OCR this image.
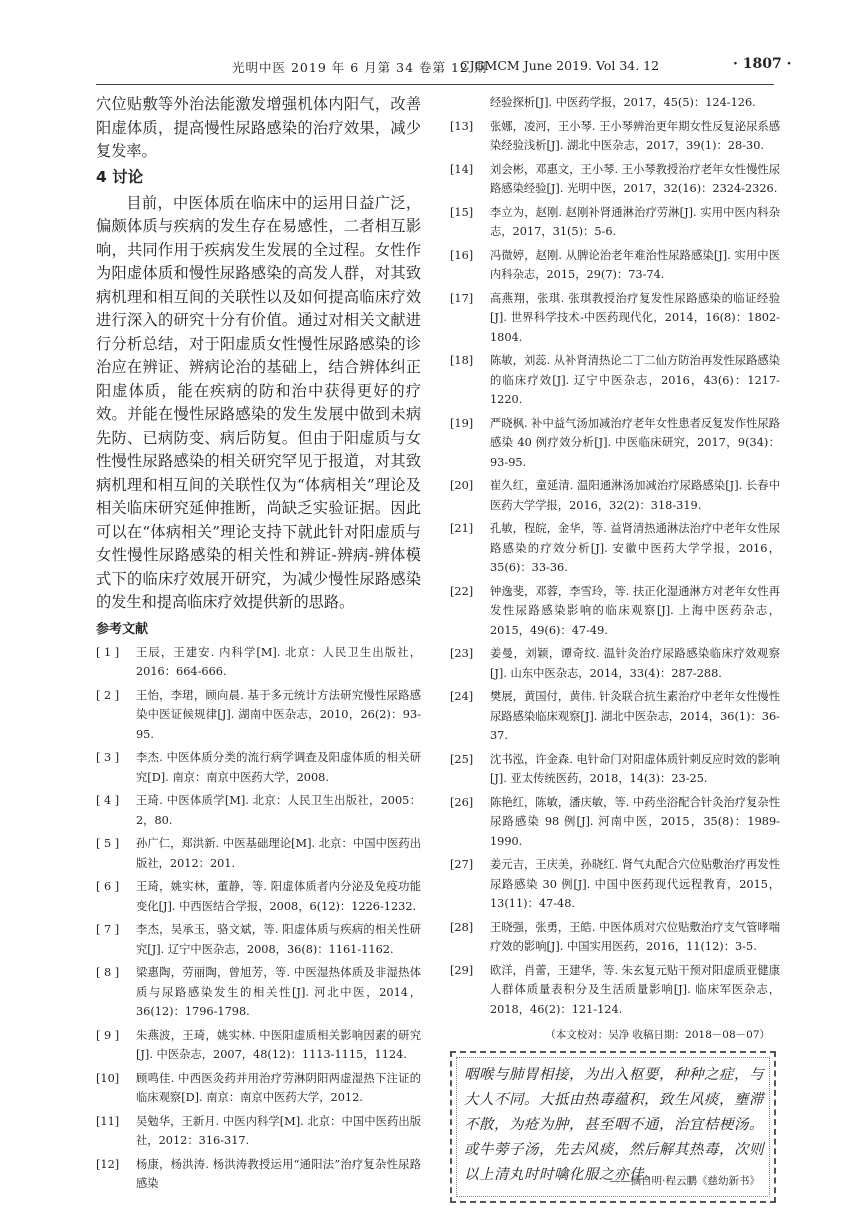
光明中医 2019 年 6 月第 34 卷第 12 期
CJGMCM June 2019. Vol 34. 12	· 1807 ·

穴位贴敷等外治法能激发增强机体内阳气，改善阳虚体质，提高慢性尿路感染的治疗效果，减少复发率。

4 讨论

目前，中医体质在临床中的运用日益广泛，偏颇体质与疾病的发生存在易感性，二者相互影响，共同作用于疾病发生发展的全过程。女性作为阳虚体质和慢性尿路感染的高发人群，对其致病机理和相互间的关联性以及如何提高临床疗效进行深入的研究十分有价值。通过对相关文献进行分析总结，对于阳虚质女性慢性尿路感染的诊治应在辨证、辨病论治的基础上，结合辨体纠正阳虚体质，能在疾病的防和治中获得更好的疗效。并能在慢性尿路感染的发生发展中做到未病先防、已病防变、病后防复。但由于阳虚质与女性慢性尿路感染的相关研究罕见于报道，对其致病机理和相互间的关联性仅为“体病相关”理论及相关临床研究延伸推断，尚缺乏实验证据。因此可以在“体病相关”理论支持下就此针对阳虚质与女性慢性尿路感染的相关性和辨证-辨病-辨体模式下的临床疗效展开研究，为减少慢性尿路感染的发生和提高临床疗效提供新的思路。

参考文献
[ 1 ]	王辰，王建安. 内科学[M]. 北京：人民卫生出版社，2016：664-666.
[ 2 ]	王怡，李珺，顾向晨. 基于多元统计方法研究慢性尿路感染中医证候规律[J]. 湖南中医杂志，2010，26(2)：93-95.
[ 3 ]	李杰. 中医体质分类的流行病学调查及阳虚体质的相关研究[D]. 南京：南京中医药大学，2008.
[ 4 ]	王琦. 中医体质学[M]. 北京：人民卫生出版社，2005：2，80.
[ 5 ]	孙广仁，郑洪新. 中医基础理论[M]. 北京：中国中医药出版社，2012：201.
[ 6 ]	王琦，姚实林，董静，等. 阳虚体质者内分泌及免疫功能变化[J]. 中西医结合学报，2008，6(12)：1226-1232.
[ 7 ]	李杰，吴承玉，骆文斌，等. 阳虚体质与疾病的相关性研究[J]. 辽宁中医杂志，2008，36(8)：1161-1162.
[ 8 ]	梁惠陶，劳丽陶，曾旭芳，等. 中医湿热体质及非湿热体质与尿路感染发生的相关性[J]. 河北中医，2014，36(12)：1796-1798.
[ 9 ]	朱燕波，王琦，姚实林. 中医阳虚质相关影响因素的研究[J]. 中医杂志，2007，48(12)：1113-1115，1124.
[10]	顾鸣佳. 中西医灸药并用治疗劳淋阴阳两虚湿热下注证的临床观察[D]. 南京：南京中医药大学，2012.
[11]	吴勉华，王新月. 中医内科学[M]. 北京：中国中医药出版社，2012：316-317.
[12]	杨康，杨洪涛. 杨洪涛教授运用“通阳法”治疗复杂性尿路感染
经验探析[J]. 中医药学报，2017，45(5)：124-126.
[13]	张娜，凌河，王小琴. 王小琴辨治更年期女性反复泌尿系感染经验浅析[J]. 湖北中医杂志，2017，39(1)：28-30.
[14]	刘会彬，邓惠文，王小琴. 王小琴教授治疗老年女性慢性尿路感染经验[J]. 光明中医，2017，32(16)：2324-2326.
[15]	李立为，赵刚. 赵刚补肾通淋治疗劳淋[J]. 实用中医内科杂志，2017，31(5)：5-6.
[16]	冯微婷，赵刚. 从脾论治老年难治性尿路感染[J]. 实用中医内科杂志，2015，29(7)：73-74.
[17]	高燕翔，张琪. 张琪教授治疗复发性尿路感染的临证经验[J]. 世界科学技术-中医药现代化，2014，16(8)：1802-1804.
[18]	陈敏，刘蕊. 从补肾清热论二丁二仙方防治再发性尿路感染的临床疗效[J]. 辽宁中医杂志，2016，43(6)：1217-1220.
[19]	严晓枫. 补中益气汤加减治疗老年女性患者反复发作性尿路感染 40 例疗效分析[J]. 中医临床研究，2017，9(34)：93-95.
[20]	崔久红，童延清. 温阳通淋汤加减治疗尿路感染[J]. 长春中医药大学学报，2016，32(2)：318-319.
[21]	孔敏，程皖，金华，等. 益肾清热通淋法治疗中老年女性尿路感染的疗效分析[J]. 安徽中医药大学学报，2016，35(6)：33-36.
[22]	钟逸斐，邓蓉，李雪玲，等. 扶正化湿通淋方对老年女性再发性尿路感染影响的临床观察[J]. 上海中医药杂志，2015，49(6)：47-49.
[23]	姜曼，刘颖，谭奇纹. 温针灸治疗尿路感染临床疗效观察[J]. 山东中医杂志，2014，33(4)：287-288.
[24]	樊展，黄国付，黄伟. 针灸联合抗生素治疗中老年女性慢性尿路感染临床观察[J]. 湖北中医杂志，2014，36(1)：36-37.
[25]	沈书泓，许金森. 电针命门对阳虚体质针刺反应时效的影响[J]. 亚太传统医药，2018，14(3)：23-25.
[26]	陈艳红，陈敏，潘庆敏，等. 中药坐浴配合针灸治疗复杂性尿路感染 98 例[J]. 河南中医，2015，35(8)：1989-1990.
[27]	姜元吉，王庆美，孙晓红. 肾气丸配合穴位贴敷治疗再发性尿路感染 30 例[J]. 中国中医药现代远程教育，2015，13(11)：47-48.
[28]	王晓强，张勇，王皓. 中医体质对穴位贴敷治疗支气管哮喘疗效的影响[J]. 中国实用医药，2016，11(12)：3-5.
[29]	欧洋，肖蕾，王建华，等. 朱玄复元贴干预对阳虚质亚健康人群体质量表积分及生活质量影响[J]. 临床军医杂志，2018，46(2)：121-124.
（本文校对：吴净 收稿日期：2018－08－07）
咽喉与肺胃相接，为出入枢要，种种之症，与大人不同。大抵由热毒蕴积，致生风痰，壅滞不散，为疮为肿，甚至咽不通，治宜桔梗汤。或牛蒡子汤，先去风痰，然后解其热毒，次则以上清丸时时噙化服之亦佳。
——摘自明·程云鹏《慈幼新书》
